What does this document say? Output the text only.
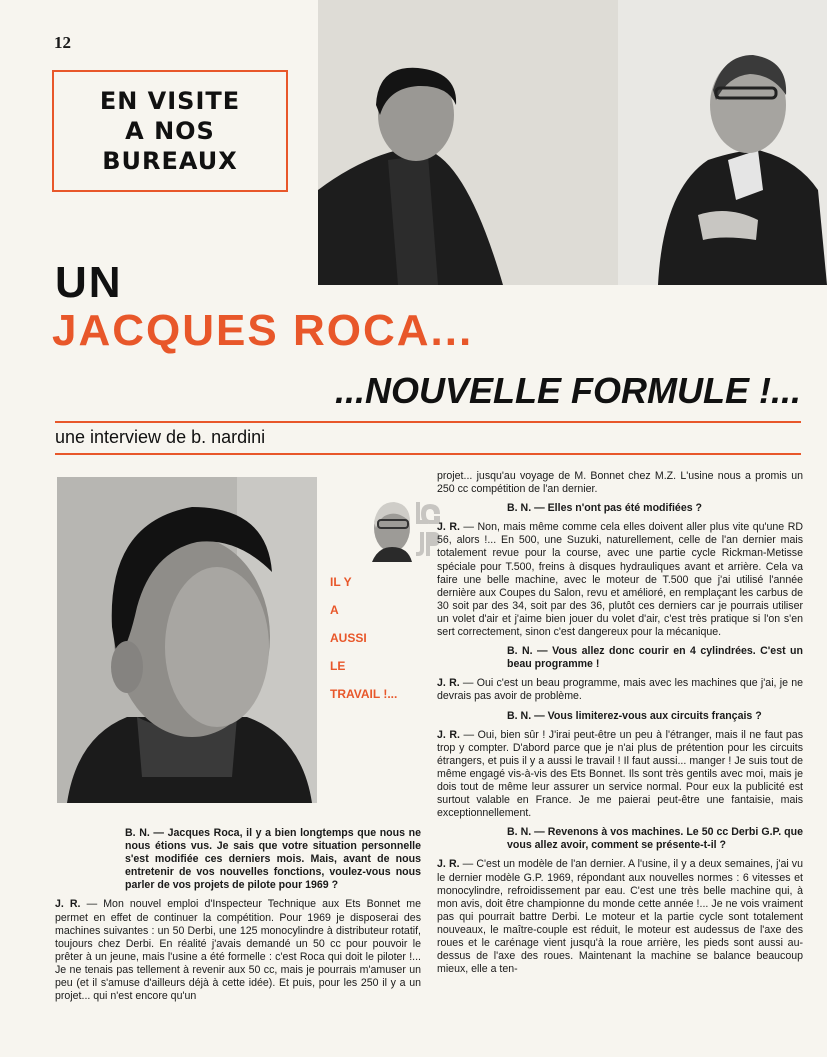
12
EN VISITE
A NOS
BUREAUX
UN
JACQUES ROCA...
...NOUVELLE FORMULE !...
une interview de b. nardini
IL Y
A
AUSSI
LE
TRAVAIL !...

B. N. — Jacques Roca, il y a bien longtemps que nous ne nous étions vus. Je sais que votre situation personnelle s'est modifiée ces derniers mois. Mais, avant de nous entretenir de vos nouvelles fonctions, voulez-vous nous parler de vos projets de pilote pour 1969 ?

J. R. — Mon nouvel emploi d'Inspecteur Technique aux Ets Bonnet me permet en effet de continuer la compétition. Pour 1969 je disposerai des machines suivantes : un 50 Derbi, une 125 monocylindre à distributeur rotatif, toujours chez Derbi. En réalité j'avais demandé un 50 cc pour pouvoir le prêter à un jeune, mais l'usine a été formelle : c'est Roca qui doit le piloter !... Je ne tenais pas tellement à revenir aux 50 cc, mais je pourrais m'amuser un peu (et il s'amuse d'ailleurs déjà à cette idée). Et puis, pour les 250 il y a un projet... qui n'est encore qu'un

projet... jusqu'au voyage de M. Bonnet chez M.Z. L'usine nous a promis un 250 cc compétition de l'an dernier.

B. N. — Elles n'ont pas été modifiées ?

J. R. — Non, mais même comme cela elles doivent aller plus vite qu'une RD 56, alors !... En 500, une Suzuki, naturellement, celle de l'an dernier mais totalement revue pour la course, avec une partie cycle Rickman-Metisse spéciale pour T.500, freins à disques hydrauliques avant et arrière. Cela va faire une belle machine, avec le moteur de T.500 que j'ai utilisé l'année dernière aux Coupes du Salon, revu et amélioré, en remplaçant les carbus de 30 soit par des 34, soit par des 36, plutôt ces derniers car je pourrais utiliser un volet d'air et j'aime bien jouer du volet d'air, c'est très pratique si l'on s'en sert correctement, sinon c'est dangereux pour la mécanique.

B. N. — Vous allez donc courir en 4 cylindrées. C'est un beau programme !

J. R. — Oui c'est un beau programme, mais avec les machines que j'ai, je ne devrais pas avoir de problème.

B. N. — Vous limiterez-vous aux circuits français ?

J. R. — Oui, bien sûr ! J'irai peut-être un peu à l'étranger, mais il ne faut pas trop y compter. D'abord parce que je n'ai plus de prétention pour les circuits étrangers, et puis il y a aussi le travail ! Il faut aussi... manger ! Je suis tout de même engagé vis-à-vis des Ets Bonnet. Ils sont très gentils avec moi, mais je dois tout de même leur assurer un service normal. Pour eux la publicité est surtout valable en France. Je me paierai peut-être une fantaisie, mais exceptionnellement.

B. N. — Revenons à vos machines. Le 50 cc Derbi G.P. que vous allez avoir, comment se présente-t-il ?

J. R. — C'est un modèle de l'an dernier. A l'usine, il y a deux semaines, j'ai vu le dernier modèle G.P. 1969, répondant aux nouvelles normes : 6 vitesses et monocylindre, refroidissement par eau. C'est une très belle machine qui, à mon avis, doit être championne du monde cette année !... Je ne vois vraiment pas qui pourrait battre Derbi. Le moteur et la partie cycle sont totalement nouveaux, le maître-couple est réduit, le moteur est audessus de l'axe des roues et le carénage vient jusqu'à la roue arrière, les pieds sont aussi au-dessus de l'axe des roues. Maintenant la machine se balance beaucoup mieux, elle a ten-
